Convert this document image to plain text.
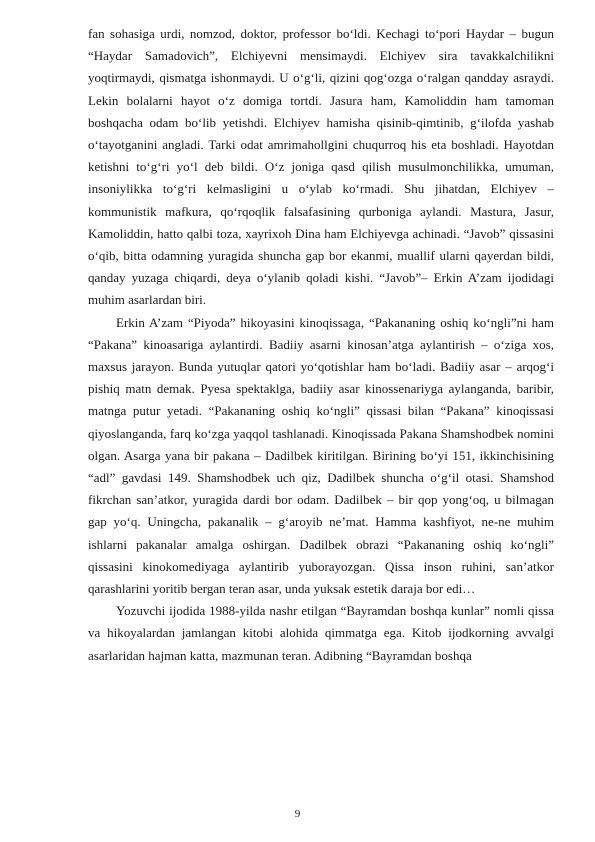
fan sohasiga urdi, nomzod, doktor, professor bo‘ldi. Kechagi to‘pori Haydar – bugun “Haydar Samadovich”, Elchiyevni mensimaydi. Elchiyev sira tavakkalchilikni yoqtirmaydi, qismatga ishonmaydi. U o‘g‘li, qizini qog‘ozga o‘ralgan qandday asraydi. Lekin bolalarni hayot o‘z domiga tortdi. Jasura ham, Kamoliddin ham tamoman boshqacha odam bo‘lib yetishdi. Elchiyev hamisha qisinib-qimtinib, g‘ilofda yashab o‘tayotganini angladi. Tarki odat amrimahollgini chuqurroq his eta boshladi. Hayotdan ketishni to‘g‘ri yo‘l deb bildi. O‘z joniga qasd qilish musulmonchilikka, umuman, insoniylikka to‘g‘ri kelmasligini u o‘ylab ko‘rmadi. Shu jihatdan, Elchiyev – kommunistik mafkura, qo‘rqoqlik falsafasining qurboniga aylandi. Mastura, Jasur, Kamoliddin, hatto qalbi toza, xayrixoh Dina ham Elchiyevga achinadi. “Javob” qissasini o‘qib, bitta odamning yuragida shuncha gap bor ekanmi, muallif ularni qayerdan bildi, qanday yuzaga chiqardi, deya o‘ylanib qoladi kishi. “Javob”– Erkin A’zam ijodidagi muhim asarlardan biri.

Erkin A’zam “Piyoda” hikoyasini kinoqissaga, “Pakananing oshiq ko‘ngli”ni ham “Pakana” kinoasariga aylantirdi. Badiiy asarni kinosan’atga aylantirish – o‘ziga xos, maxsus jarayon. Bunda yutuqlar qatori yo‘qotishlar ham bo‘ladi. Badiiy asar – arqog‘i pishiq matn demak. Pyesa spektaklga, badiiy asar kinossenariyga aylanganda, baribir, matnga putur yetadi. “Pakananing oshiq ko‘ngli” qissasi bilan “Pakana” kinoqissasi qiyoslanganda, farq ko‘zga yaqqol tashlanadi. Kinoqissada Pakana Shamshodbek nomini olgan. Asarga yana bir pakana – Dadilbek kiritilgan. Birining bo‘yi 151, ikkinchisining “adl” gavdasi 149. Shamshodbek uch qiz, Dadilbek shuncha o‘g‘il otasi. Shamshod fikrchan san’atkor, yuragida dardi bor odam. Dadilbek – bir qop yong‘oq, u bilmagan gap yo‘q. Uningcha, pakanalik – g‘aroyib ne’mat. Hamma kashfiyot, ne-ne muhim ishlarni pakanalar amalga oshirgan. Dadilbek obrazi “Pakananing oshiq ko‘ngli” qissasini kinokomediyaga aylantirib yuborayozgan. Qissa inson ruhini, san’atkor qarashlarini yoritib bergan teran asar, unda yuksak estetik daraja bor edi…

Yozuvchi ijodida 1988-yilda nashr etilgan “Bayramdan boshqa kunlar” nomli qissa va hikoyalardan jamlangan kitobi alohida qimmatga ega. Kitob ijodkorning avvalgi asarlaridan hajman katta, mazmunan teran. Adibning “Bayramdan boshqa

9
